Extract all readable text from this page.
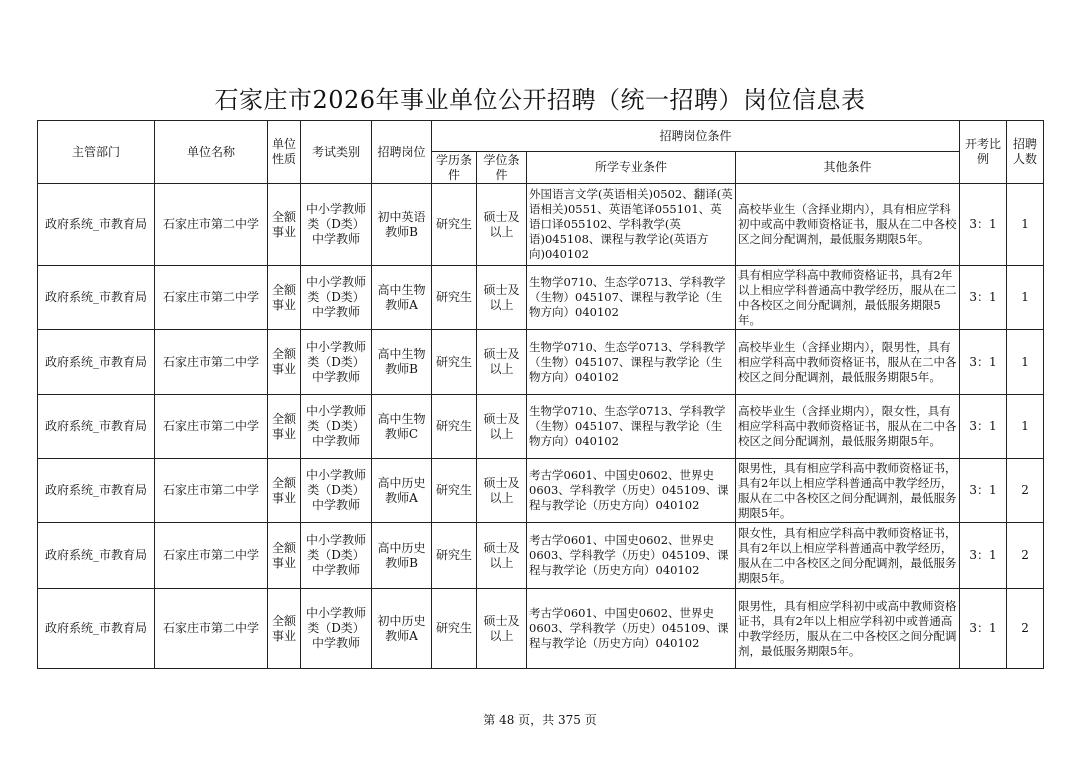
石家庄市2026年事业单位公开招聘（统一招聘）岗位信息表
主管部门	单位名称	单位性质	考试类别	招聘岗位	招聘岗位条件				开考比例	招聘人数
					学历条件	学位条件	所学专业条件	其他条件		
政府系统_市教育局	石家庄市第二中学	全额事业	中小学教师类（D类）中学教师	初中英语教师B	研究生	硕士及以上	外国语言文学(英语相关)0502、翻译(英语相关)0551、英语笔译055101、英语口译055102、学科教学(英语)045108、课程与教学论(英语方向)040102	高校毕业生（含择业期内），具有相应学科初中或高中教师资格证书，服从在二中各校区之间分配调剂，最低服务期限5年。	3：1	1
政府系统_市教育局	石家庄市第二中学	全额事业	中小学教师类（D类）中学教师	高中生物教师A	研究生	硕士及以上	生物学0710、生态学0713、学科教学（生物）045107、课程与教学论（生物方向）040102	具有相应学科高中教师资格证书，具有2年以上相应学科普通高中教学经历，服从在二中各校区之间分配调剂，最低服务期限5年。	3：1	1
政府系统_市教育局	石家庄市第二中学	全额事业	中小学教师类（D类）中学教师	高中生物教师B	研究生	硕士及以上	生物学0710、生态学0713、学科教学（生物）045107、课程与教学论（生物方向）040102	高校毕业生（含择业期内），限男性，具有相应学科高中教师资格证书，服从在二中各校区之间分配调剂，最低服务期限5年。	3：1	1
政府系统_市教育局	石家庄市第二中学	全额事业	中小学教师类（D类）中学教师	高中生物教师C	研究生	硕士及以上	生物学0710、生态学0713、学科教学（生物）045107、课程与教学论（生物方向）040102	高校毕业生（含择业期内），限女性，具有相应学科高中教师资格证书，服从在二中各校区之间分配调剂，最低服务期限5年。	3：1	1
政府系统_市教育局	石家庄市第二中学	全额事业	中小学教师类（D类）中学教师	高中历史教师A	研究生	硕士及以上	考古学0601、中国史0602、世界史0603、学科教学（历史）045109、课程与教学论（历史方向）040102	限男性，具有相应学科高中教师资格证书，具有2年以上相应学科普通高中教学经历，服从在二中各校区之间分配调剂，最低服务期限5年。	3：1	2
政府系统_市教育局	石家庄市第二中学	全额事业	中小学教师类（D类）中学教师	高中历史教师B	研究生	硕士及以上	考古学0601、中国史0602、世界史0603、学科教学（历史）045109、课程与教学论（历史方向）040102	限女性，具有相应学科高中教师资格证书，具有2年以上相应学科普通高中教学经历，服从在二中各校区之间分配调剂，最低服务期限5年。	3：1	2
政府系统_市教育局	石家庄市第二中学	全额事业	中小学教师类（D类）中学教师	初中历史教师A	研究生	硕士及以上	考古学0601、中国史0602、世界史0603、学科教学（历史）045109、课程与教学论（历史方向）040102	限男性，具有相应学科初中或高中教师资格证书，具有2年以上相应学科初中或普通高中教学经历，服从在二中各校区之间分配调剂，最低服务期限5年。	3：1	2
第 48 页，共 375 页
